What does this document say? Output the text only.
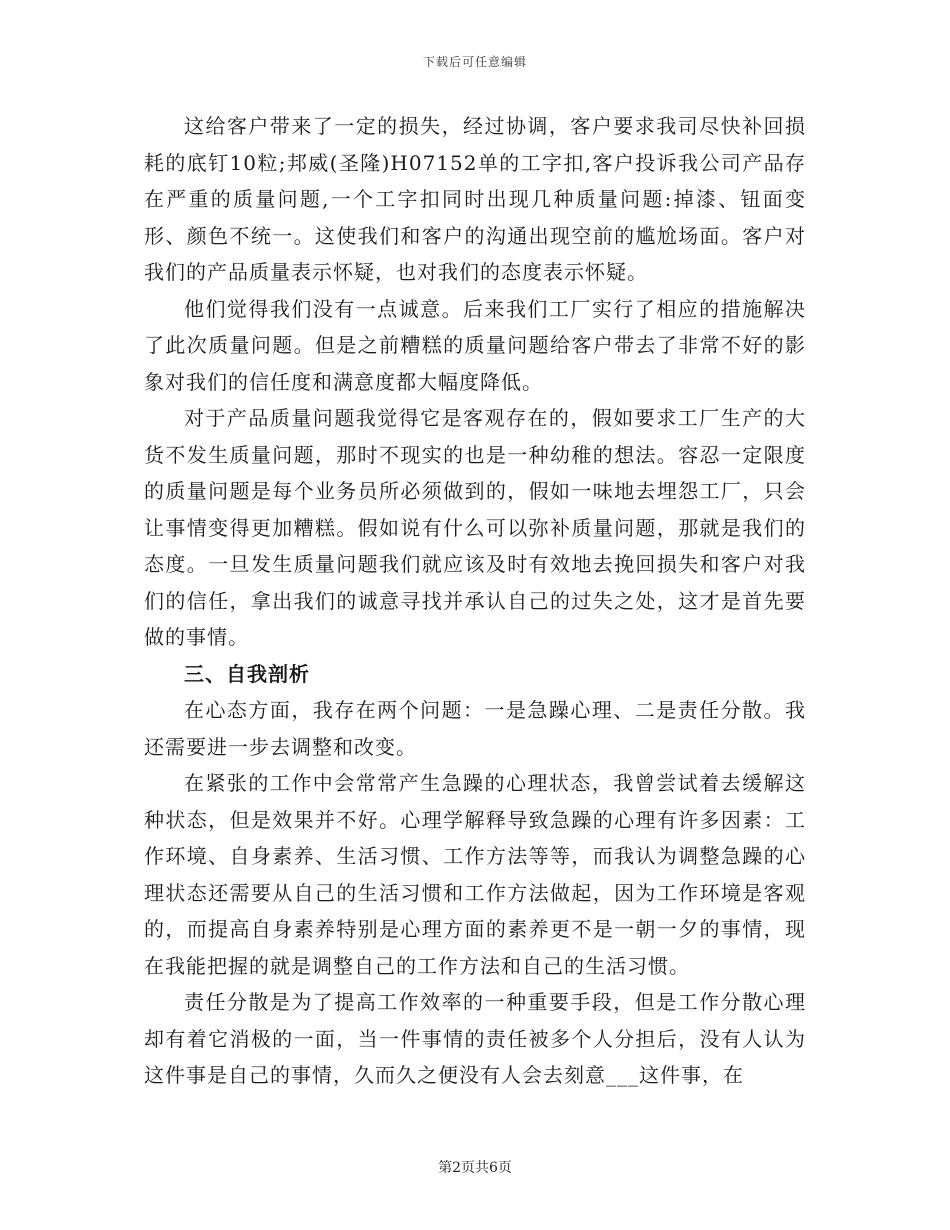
下载后可任意编辑

这给客户带来了一定的损失，经过协调，客户要求我司尽快补回损耗的底钉10粒;邦威(圣隆)H07152单的工字扣,客户投诉我公司产品存在严重的质量问题,一个工字扣同时出现几种质量问题:掉漆、钮面变形、颜色不统一。这使我们和客户的沟通出现空前的尴尬场面。客户对我们的产品质量表示怀疑，也对我们的态度表示怀疑。

他们觉得我们没有一点诚意。后来我们工厂实行了相应的措施解决了此次质量问题。但是之前糟糕的质量问题给客户带去了非常不好的影象对我们的信任度和满意度都大幅度降低。

对于产品质量问题我觉得它是客观存在的，假如要求工厂生产的大货不发生质量问题，那时不现实的也是一种幼稚的想法。容忍一定限度的质量问题是每个业务员所必须做到的，假如一味地去埋怨工厂，只会让事情变得更加糟糕。假如说有什么可以弥补质量问题，那就是我们的态度。一旦发生质量问题我们就应该及时有效地去挽回损失和客户对我们的信任，拿出我们的诚意寻找并承认自己的过失之处，这才是首先要做的事情。

三、自我剖析

在心态方面，我存在两个问题：一是急躁心理、二是责任分散。我还需要进一步去调整和改变。

在紧张的工作中会常常产生急躁的心理状态，我曾尝试着去缓解这种状态，但是效果并不好。心理学解释导致急躁的心理有许多因素：工作环境、自身素养、生活习惯、工作方法等等，而我认为调整急躁的心理状态还需要从自己的生活习惯和工作方法做起，因为工作环境是客观的，而提高自身素养特别是心理方面的素养更不是一朝一夕的事情，现在我能把握的就是调整自己的工作方法和自己的生活习惯。

责任分散是为了提高工作效率的一种重要手段，但是工作分散心理却有着它消极的一面，当一件事情的责任被多个人分担后，没有人认为这件事是自己的事情，久而久之便没有人会去刻意___这件事，在

第2页共6页
